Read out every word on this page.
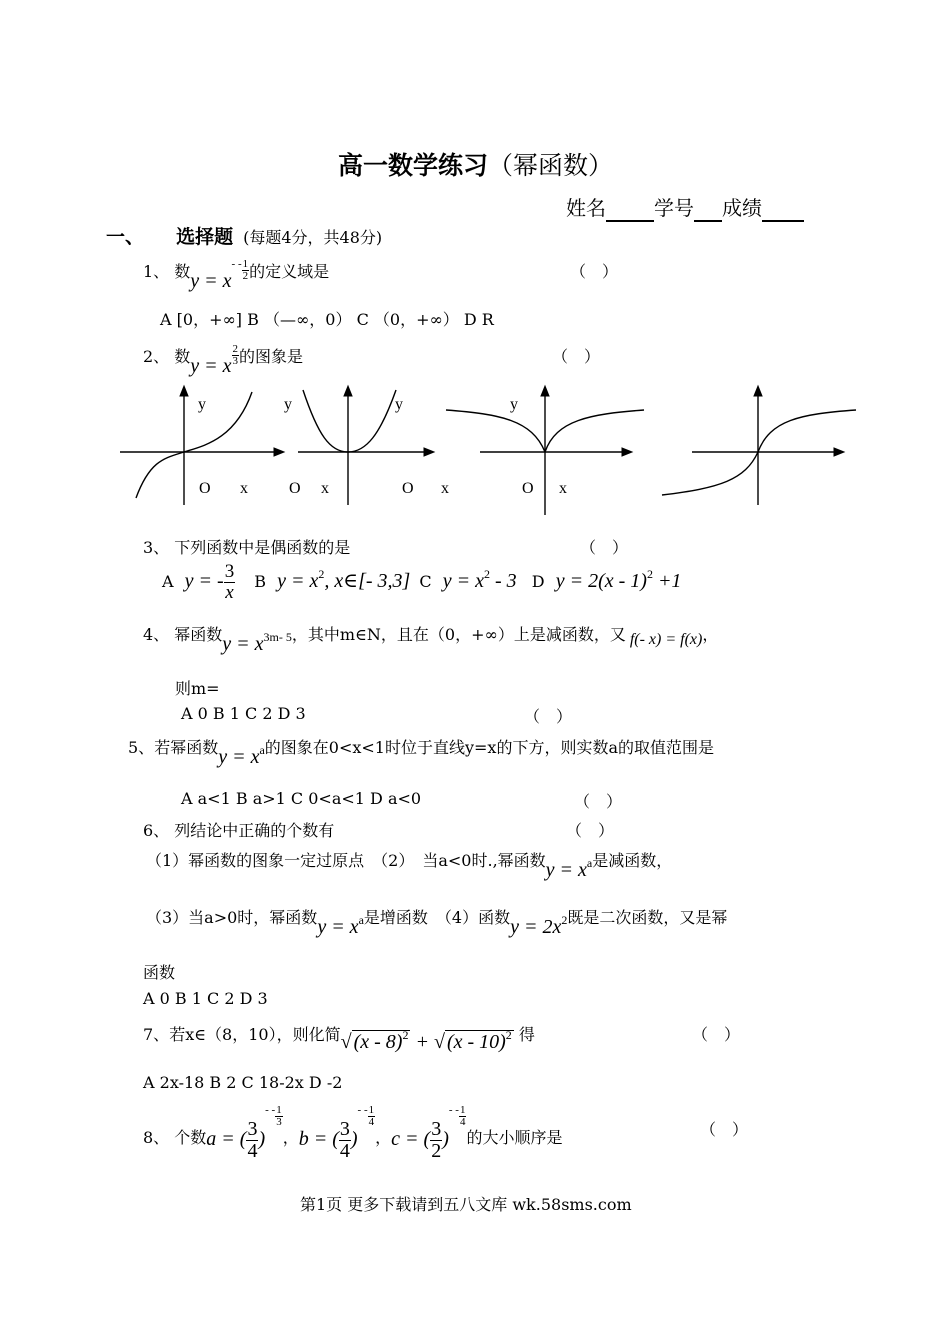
高一数学练习（幂函数）
姓名 学号 成绩
一、 选择题 (每题4分，共48分)
1、 数$y = x- - \frac{1}{2}$ 的定义域是	（　）
A [0，+∞] B （—∞，0） C （0，+∞） D R
2、 数y = x $\frac{2}{3}$ 的图象是	（　）
y
O x
y
O x
y
O x
y
O x
3、 下列函数中是偶函数的是	（　）
A y = - $\frac{3}{x}$ B $y = x^2$, x∈[- 3,3] C $y = x^2 - 3$ D y = 2(x - 1)$^2$ +1
4、 幂函数$y = x^{3m- 5}$，其中m∈N，且在（0，+∞）上是减函数，又 f(- x) = f(x)，
则m=
A 0 B 1 C 2 D 3	（　）
5、若幂函数$y = x^a$的图象在0<x<1时位于直线y=x的下方，则实数a的取值范围是
A a<1 B a>1 C 0<a<1 D a<0	（　）
6、 列结论中正确的个数有	（　）
（1）幂函数的图象一定过原点　（2）　当a<0时.,幂函数$y = x^a$是减函数，
（3）当a>0时，幂函数$y = x^a$是增函数　（4）函数$y = 2x^2$既是二次函数，又是幂
函数
A 0 B 1 C 2 D 3
7、若x∈（8，10），则化简√ (x - 8)$^2$ + √ (x - 10)$^2$ 得	（　）
A 2x-18 B 2 C 18-2x D -2
8、 个数a = ( $\frac{3}{4}$ )- - $\frac{1}{3}$
，b = ( $\frac{3}{4}$ )- - $\frac{1}{4}$
，c = ( $\frac{3}{2}$ )- - $\frac{1}{4}$
的大小顺序是	（　）
第1页 更多下载请到五八文库 wk.58sms.com
